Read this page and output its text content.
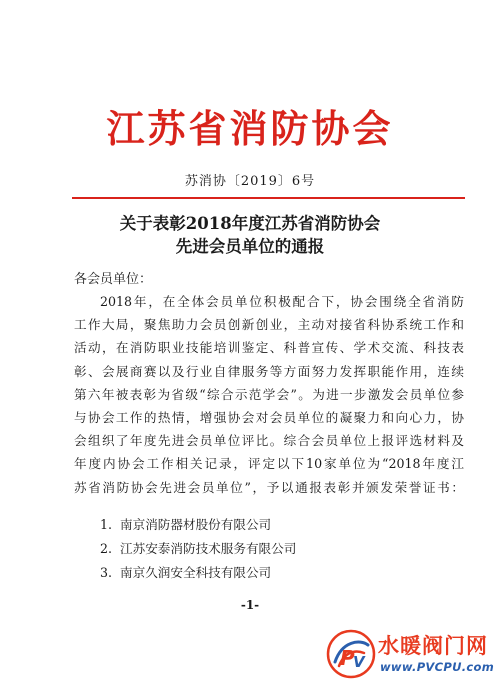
江苏省消防协会
苏消协〔2019〕6号
关于表彰2018年度江苏省消防协会
先进会员单位的通报
各会员单位：
2018年，在全体会员单位积极配合下，协会围绕全省消防
工作大局，聚焦助力会员创新创业，主动对接省科协系统工作和
活动，在消防职业技能培训鉴定、科普宣传、学术交流、科技表
彰、会展商赛以及行业自律服务等方面努力发挥职能作用，连续
第六年被表彰为省级“综合示范学会”。为进一步激发会员单位参
与协会工作的热情，增强协会对会员单位的凝聚力和向心力，协
会组织了年度先进会员单位评比。综合会员单位上报评选材料及
年度内协会工作相关记录，评定以下10家单位为“2018年度江
苏省消防协会先进会员单位”，予以通报表彰并颁发荣誉证书：
1. 南京消防器材股份有限公司
2. 江苏安泰消防技术服务有限公司
3. 南京久润安全科技有限公司
-1-
P
V
水暖阀门网
www.PVCPU.com
